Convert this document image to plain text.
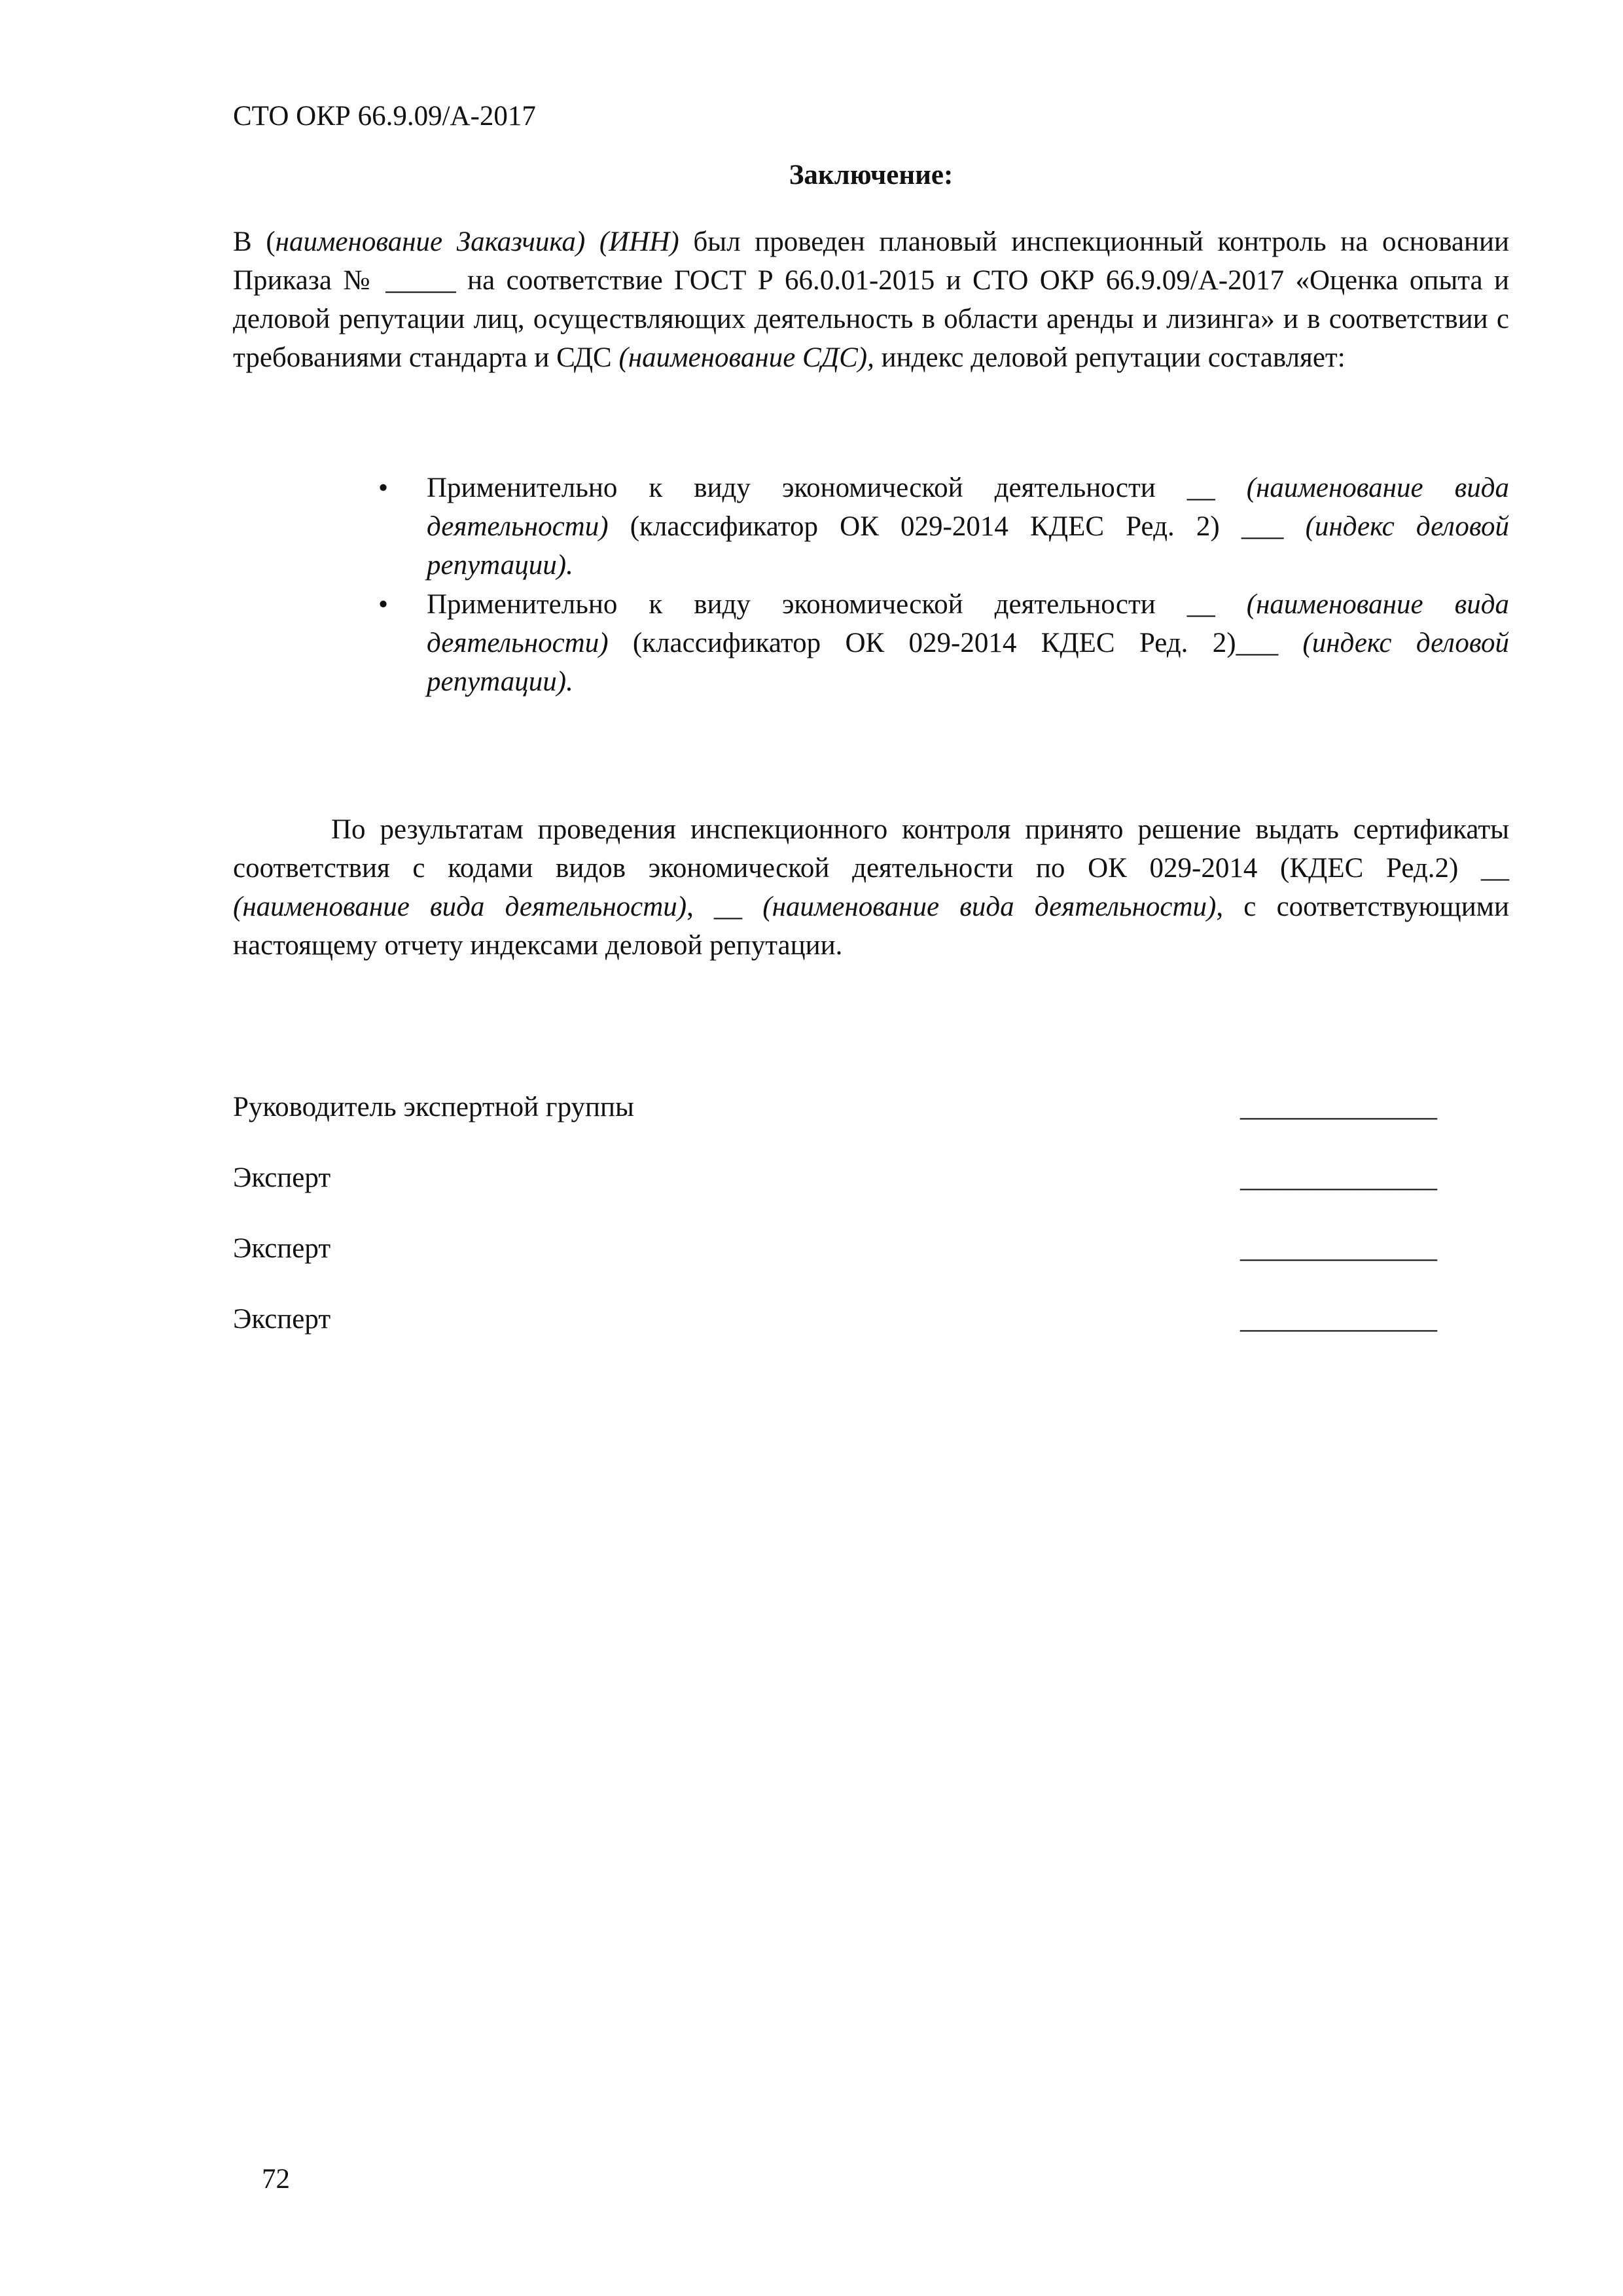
СТО ОКР 66.9.09/А-2017
Заключение:

В (наименование Заказчика) (ИНН) был проведен плановый инспекционный контроль на основании Приказа № _____ на соответствие ГОСТ Р 66.0.01-2015 и СТО ОКР 66.9.09/А-2017 «Оценка опыта и деловой репутации лиц, осуществляющих деятельность в области аренды и лизинга» и в соответствии с требованиями стандарта и СДС (наименование СДС), индекс деловой репутации составляет:

• Применительно к виду экономической деятельности __ (наименование вида деятельности) (классификатор ОК 029-2014 КДЕС Ред. 2) ___ (индекс деловой репутации).
• Применительно к виду экономической деятельности __ (наименование вида деятельности) (классификатор ОК 029-2014 КДЕС Ред. 2)___ (индекс деловой репутации).

По результатам проведения инспекционного контроля принято решение выдать сертификаты соответствия с кодами видов экономической деятельности по ОК 029-2014 (КДЕС Ред.2) __ (наименование вида деятельности), __ (наименование вида деятельности), с соответствующими настоящему отчету индексами деловой репутации.

Руководитель экспертной группы	______________
Эксперт	______________
Эксперт	______________
Эксперт	______________
72
